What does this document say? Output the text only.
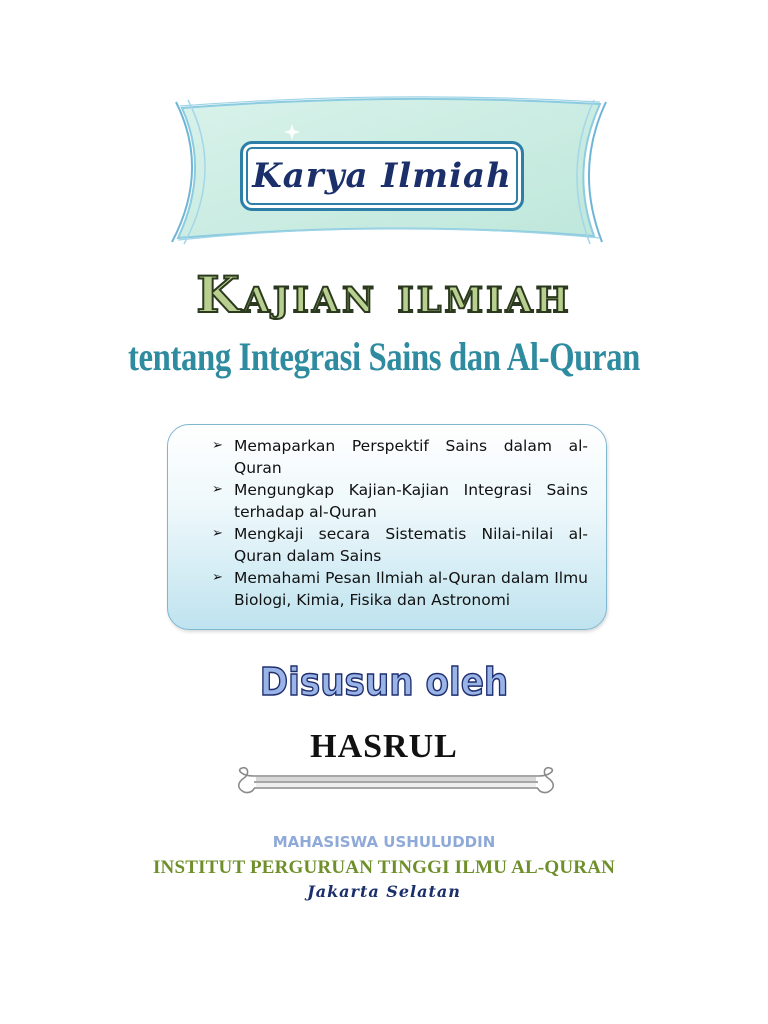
Karya Ilmiah
Kajian ilmiah
tentang Integrasi Sains dan Al-Quran
➢ Memaparkan Perspektif Sains dalam al-Quran
➢ Mengungkap Kajian-Kajian Integrasi Sains terhadap al-Quran
➢ Mengkaji secara Sistematis Nilai-nilai al-Quran dalam Sains
➢ Memahami Pesan Ilmiah al-Quran dalam Ilmu Biologi, Kimia, Fisika dan Astronomi
Disusun oleh
HASRUL
MAHASISWA USHULUDDIN
INSTITUT PERGURUAN TINGGI ILMU AL-QURAN
Jakarta Selatan
